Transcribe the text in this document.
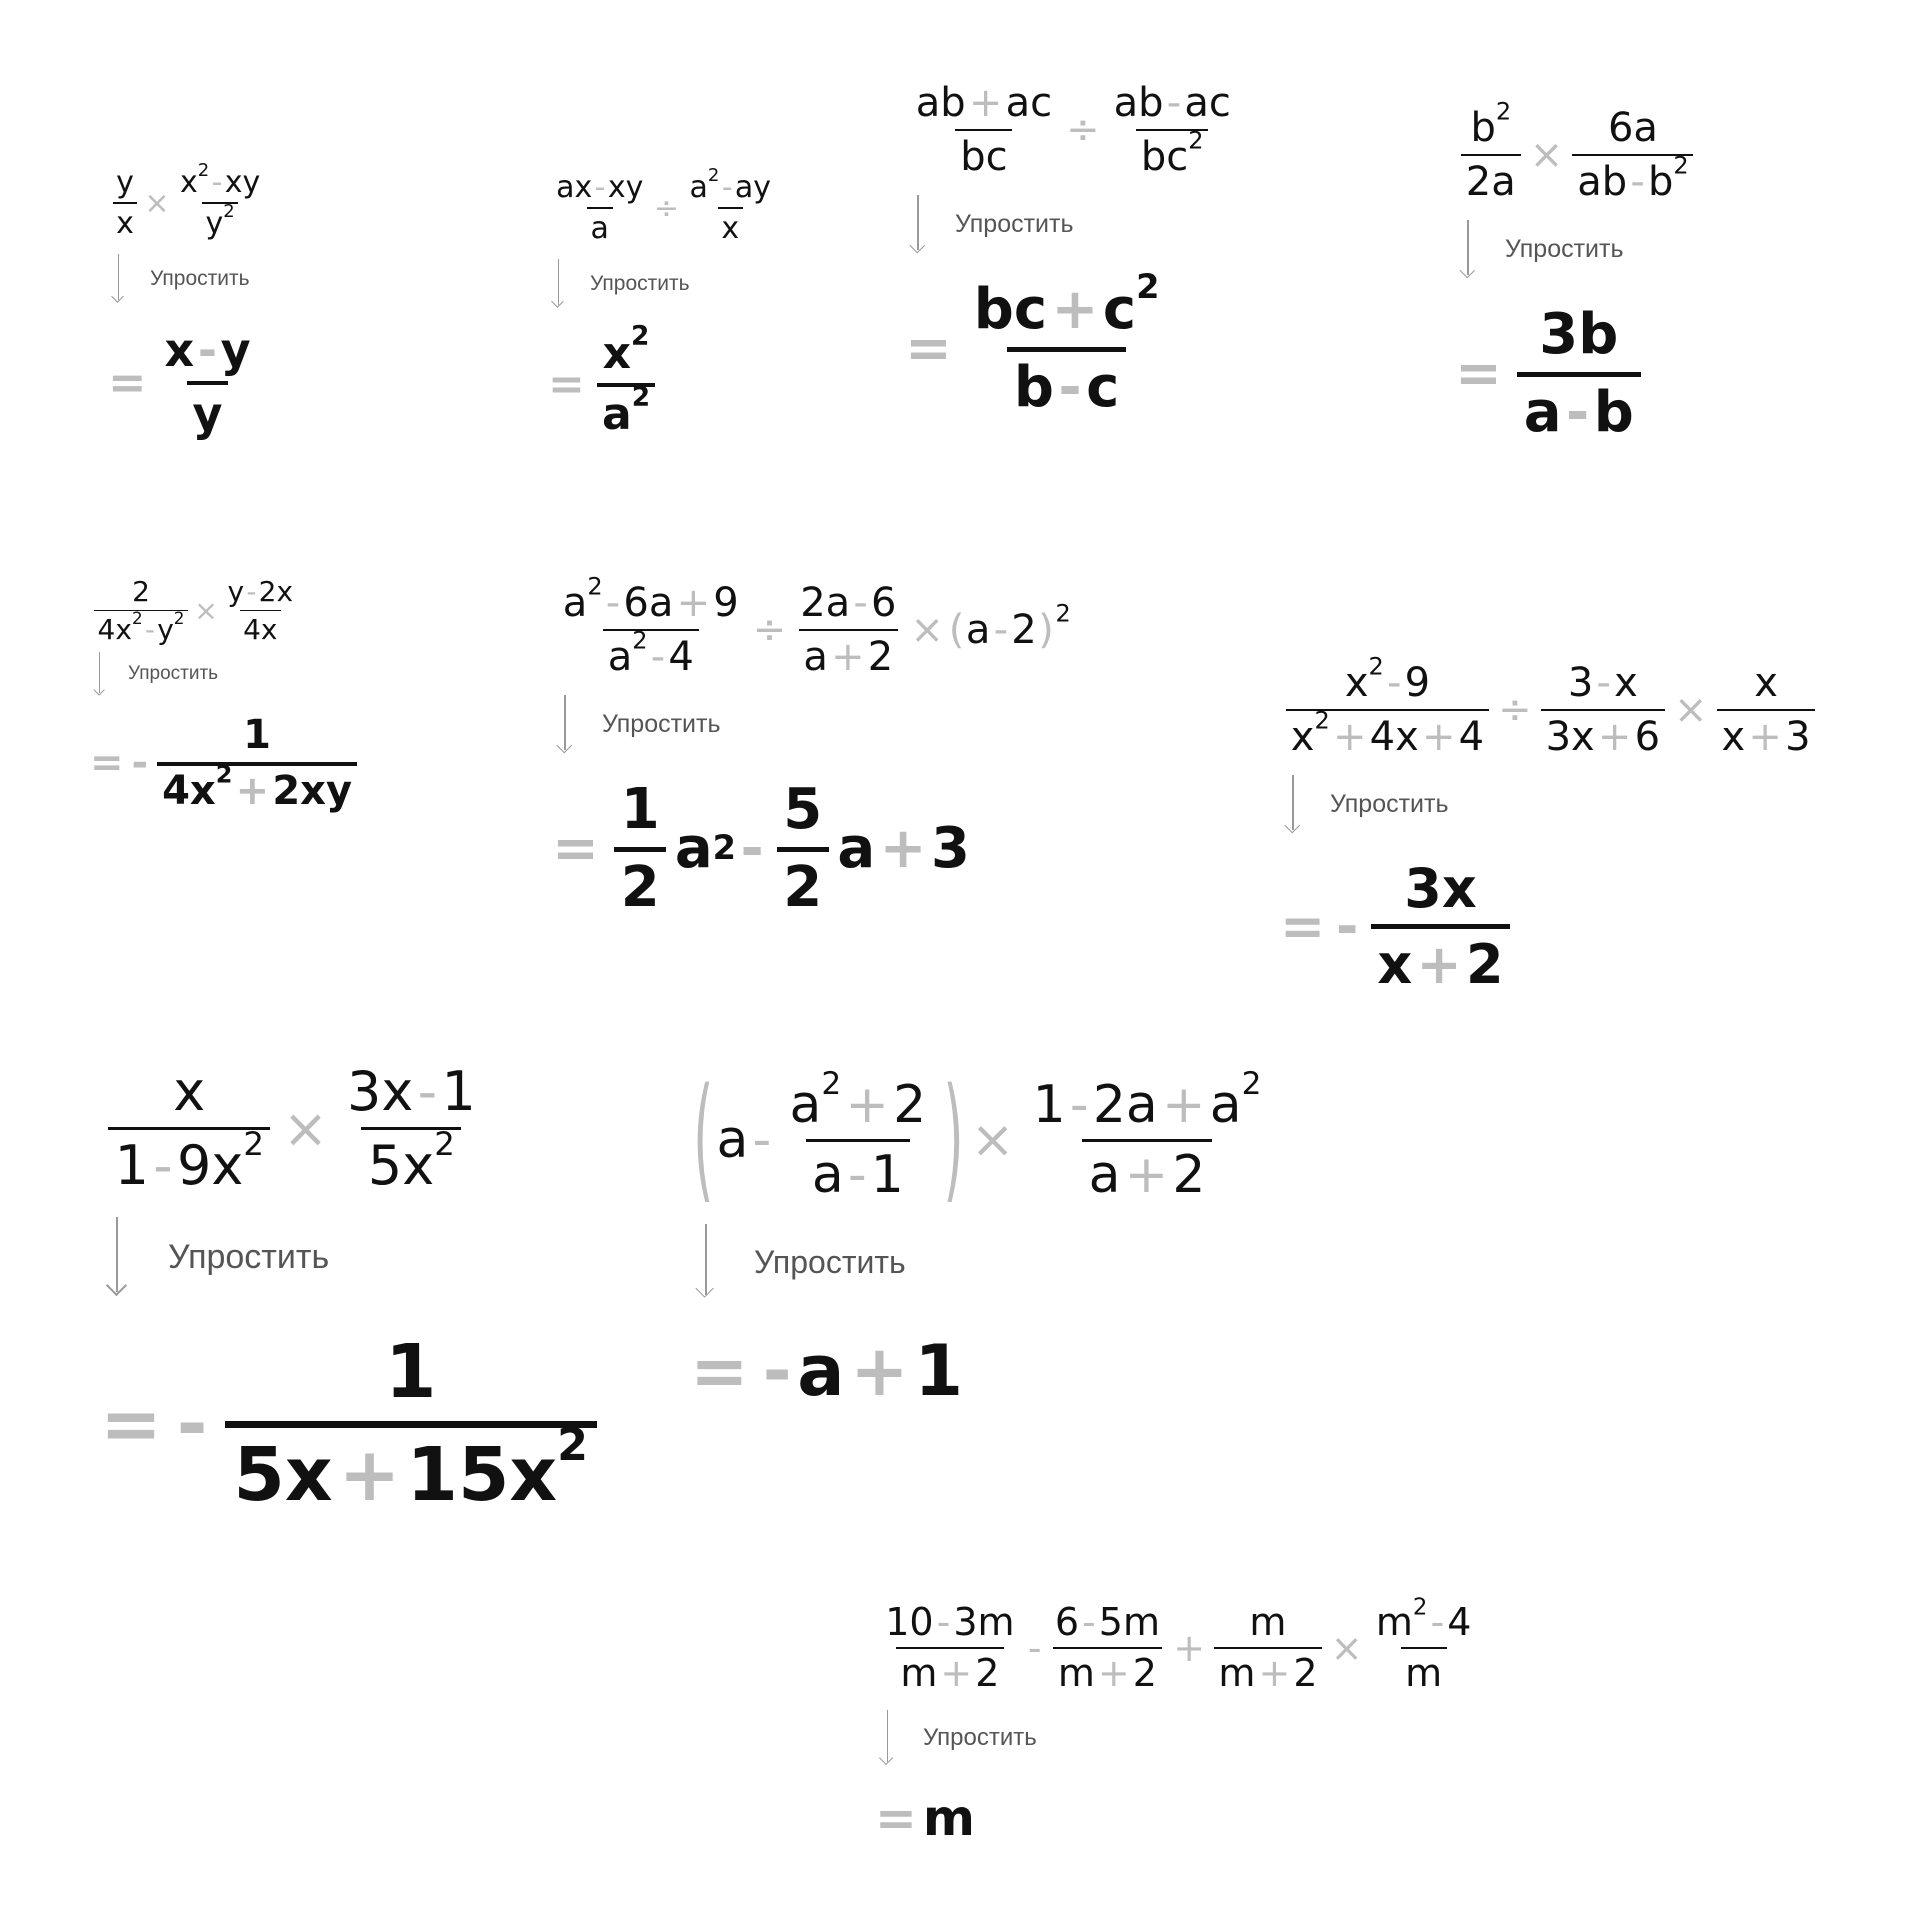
$\frac{y}{x} \times \frac{x^2-xy}{y^2}$
Упростить
= $\frac{x-y}{y}$
$\frac{ax-xy}{a} \div \frac{a^2-ay}{x}$
Упростить
= $\frac{x^2}{a^2}$
$\frac{ab+ac}{bc} \div \frac{ab-ac}{bc^2}$
Упростить
= $\frac{bc+c^2}{b-c}$
$\frac{b^2}{2a} \times \frac{6a}{ab-b^2}$
Упростить
= $\frac{3b}{a-b}$
$\frac{2}{4x^2-y^2} \times \frac{y-2x}{4x}$
Упростить
= - $\frac{1}{4x^2+2xy}$
$\frac{a^2-6a+9}{a^2-4} \div \frac{2a-6}{a+2} \times (a-2)^2$
Упростить
= $\frac{1}{2}$ a $2 - \frac{5}{2}$ a + 3
$\frac{x^2-9}{x^2+4x+4} \div \frac{3-x}{3x+6} \times \frac{x}{x+3}$
Упростить
= - $\frac{3x}{x+2}$
$\frac{x}{1-9x^2} \times \frac{3x-1}{5x^2}$
Упростить
= - $\frac{1}{5x+15x^2}$
( a - $\frac{a^2+2}{a-1}$ ) × $\frac{1-2a+a^2}{a+2}$
Упростить
= - a + 1
$\frac{10-3m}{m+2} - \frac{6-5m}{m+2} + \frac{m}{m+2} \times \frac{m^2-4}{m}$
Упростить
= m
